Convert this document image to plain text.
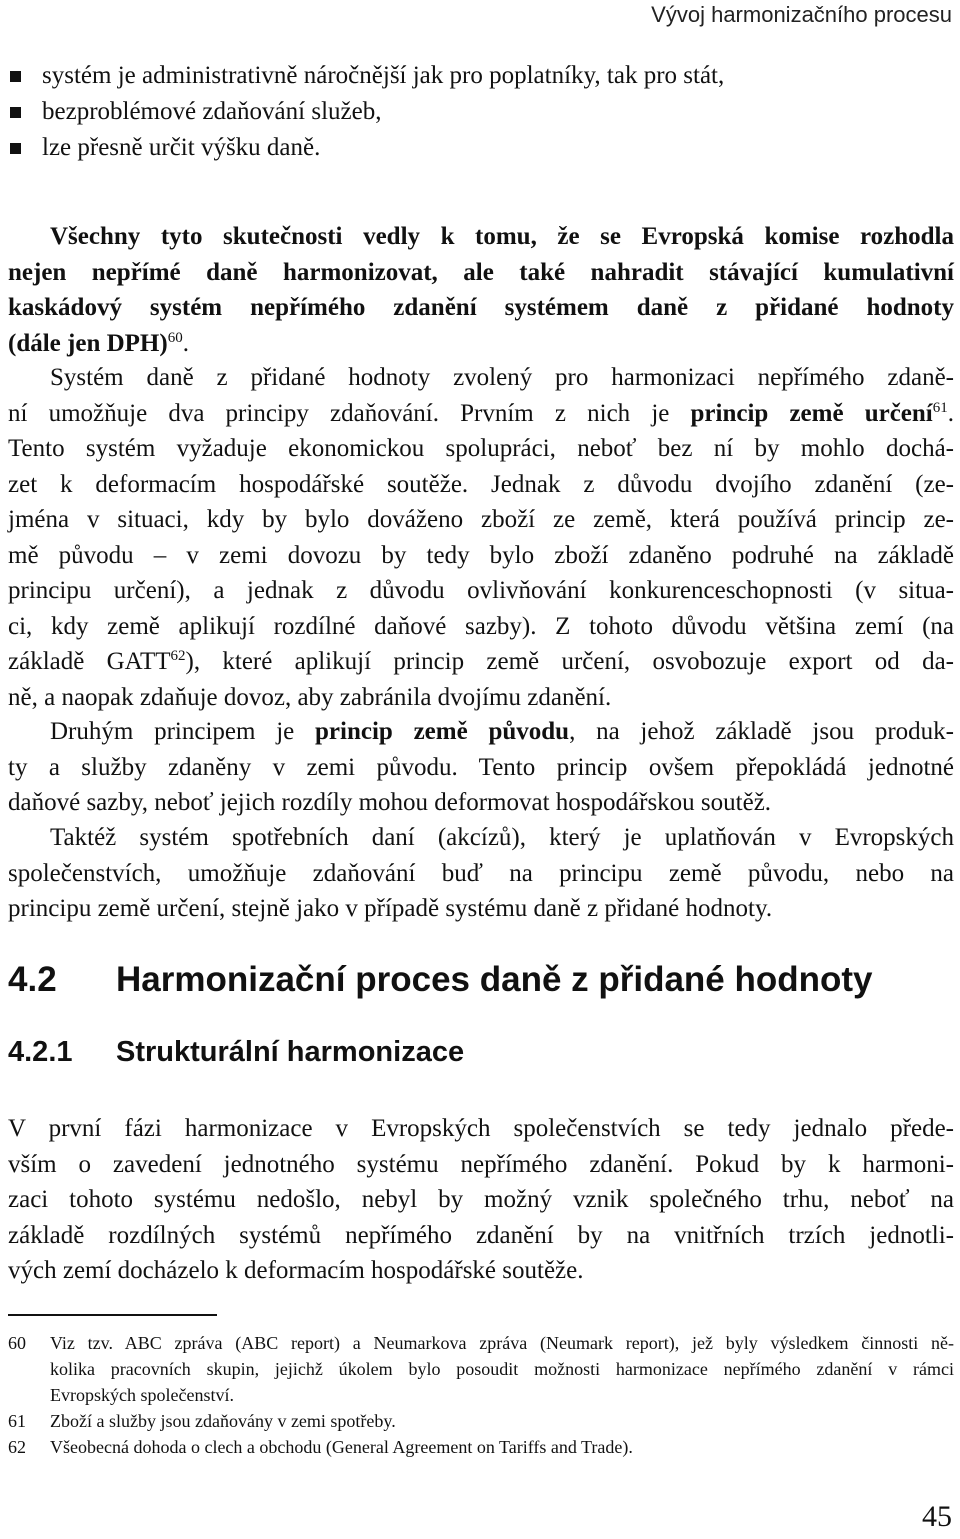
Vývoj harmonizačního procesu
systém je administrativně náročnější jak pro poplatníky, tak pro stát,
bezproblémové zdaňování služeb,
lze přesně určit výšku daně.
Všechny tyto skutečnosti vedly k tomu, že se Evropská komise rozhodla
nejen nepřímé daně harmonizovat, ale také nahradit stávající kumulativní
kaskádový systém nepřímého zdanění systémem daně z přidané hodnoty
(dále jen DPH)$^{60}$.
Systém daně z přidané hodnoty zvolený pro harmonizaci nepřímého zdaně-
ní umožňuje dva principy zdaňování. Prvním z nich je princip země určení$^{61}$.
Tento systém vyžaduje ekonomickou spolupráci, neboť bez ní by mohlo dochá-
zet k deformacím hospodářské soutěže. Jednak z důvodu dvojího zdanění (ze-
jména v situaci, kdy by bylo dováženo zboží ze země, která používá princip ze-
mě původu – v zemi dovozu by tedy bylo zboží zdaněno podruhé na základě
principu určení), a jednak z důvodu ovlivňování konkurenceschopnosti (v situa-
ci, kdy země aplikují rozdílné daňové sazby). Z tohoto důvodu většina zemí (na
základě GATT$^{62}$), které aplikují princip země určení, osvobozuje export od da-
ně, a naopak zdaňuje dovoz, aby zabránila dvojímu zdanění.
Druhým principem je princip země původu, na jehož základě jsou produk-
ty a služby zdaněny v zemi původu. Tento princip ovšem přepokládá jednotné
daňové sazby, neboť jejich rozdíly mohou deformovat hospodářskou soutěž.
Taktéž systém spotřebních daní (akcízů), který je uplatňován v Evropských
společenstvích, umožňuje zdaňování buď na principu země původu, nebo na
principu země určení, stejně jako v případě systému daně z přidané hodnoty.
4.2 Harmonizační proces daně z přidané hodnoty
4.2.1 Strukturální harmonizace
V první fázi harmonizace v Evropských společenstvích se tedy jednalo přede-
vším o zavedení jednotného systému nepřímého zdanění. Pokud by k harmoni-
zaci tohoto systému nedošlo, nebyl by možný vznik společného trhu, neboť na
základě rozdílných systémů nepřímého zdanění by na vnitřních trzích jednotli-
vých zemí docházelo k deformacím hospodářské soutěže.
60	Viz tzv. ABC zpráva (ABC report) a Neumarkova zpráva (Neumark report), jež byly výsledkem činnosti ně-
kolika pracovních skupin, jejichž úkolem bylo posoudit možnosti harmonizace nepřímého zdanění v rámci
Evropských společenství.
61	Zboží a služby jsou zdaňovány v zemi spotřeby.
62	Všeobecná dohoda o clech a obchodu (General Agreement on Tariffs and Trade).
45
